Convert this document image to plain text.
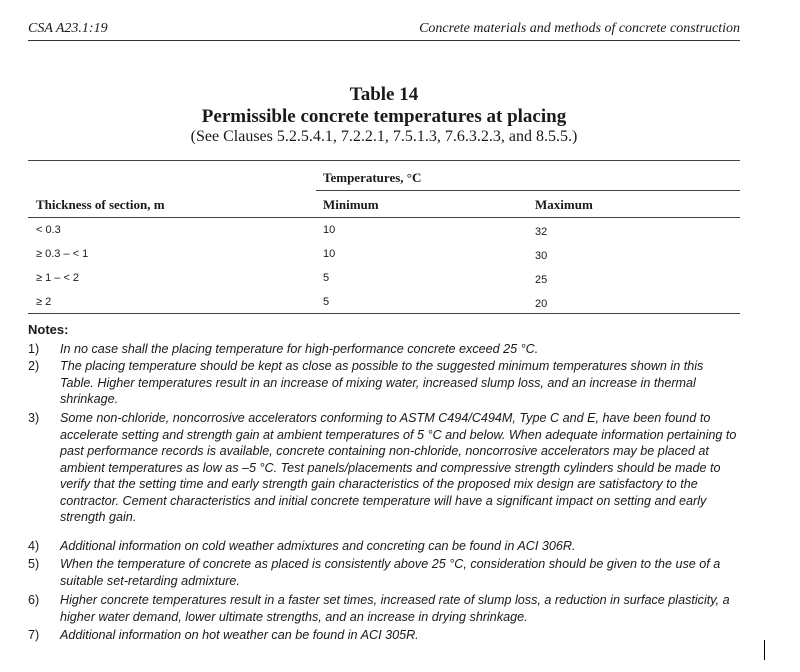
CSA A23.1:19	Concrete materials and methods of concrete construction
Table 14
Permissible concrete temperatures at placing
(See Clauses 5.2.5.4.1, 7.2.2.1, 7.5.1.3, 7.6.3.2.3, and 8.5.5.)
Temperatures, °C
Thickness of section, m	Minimum	Maximum
< 0.3	10	32
≥ 0.3 – < 1	10	30
≥ 1 – < 2	5	25
≥ 2	5	20
Notes:
1) In no case shall the placing temperature for high-performance concrete exceed 25 °C.
2) The placing temperature should be kept as close as possible to the suggested minimum temperatures shown in this Table. Higher temperatures result in an increase of mixing water, increased slump loss, and an increase in thermal shrinkage.
3) Some non-chloride, noncorrosive accelerators conforming to ASTM C494/C494M, Type C and E, have been found to accelerate setting and strength gain at ambient temperatures of 5 °C and below. When adequate information pertaining to past performance records is available, concrete containing non-chloride, noncorrosive accelerators may be placed at ambient temperatures as low as –5 °C. Test panels/placements and compressive strength cylinders should be made to verify that the setting time and early strength gain characteristics of the proposed mix design are satisfactory to the contractor. Cement characteristics and initial concrete temperature will have a significant impact on setting and early strength gain.
4) Additional information on cold weather admixtures and concreting can be found in ACI 306R.
5) When the temperature of concrete as placed is consistently above 25 °C, consideration should be given to the use of a suitable set-retarding admixture.
6) Higher concrete temperatures result in a faster set times, increased rate of slump loss, a reduction in surface plasticity, a higher water demand, lower ultimate strengths, and an increase in drying shrinkage.
7) Additional information on hot weather can be found in ACI 305R.
